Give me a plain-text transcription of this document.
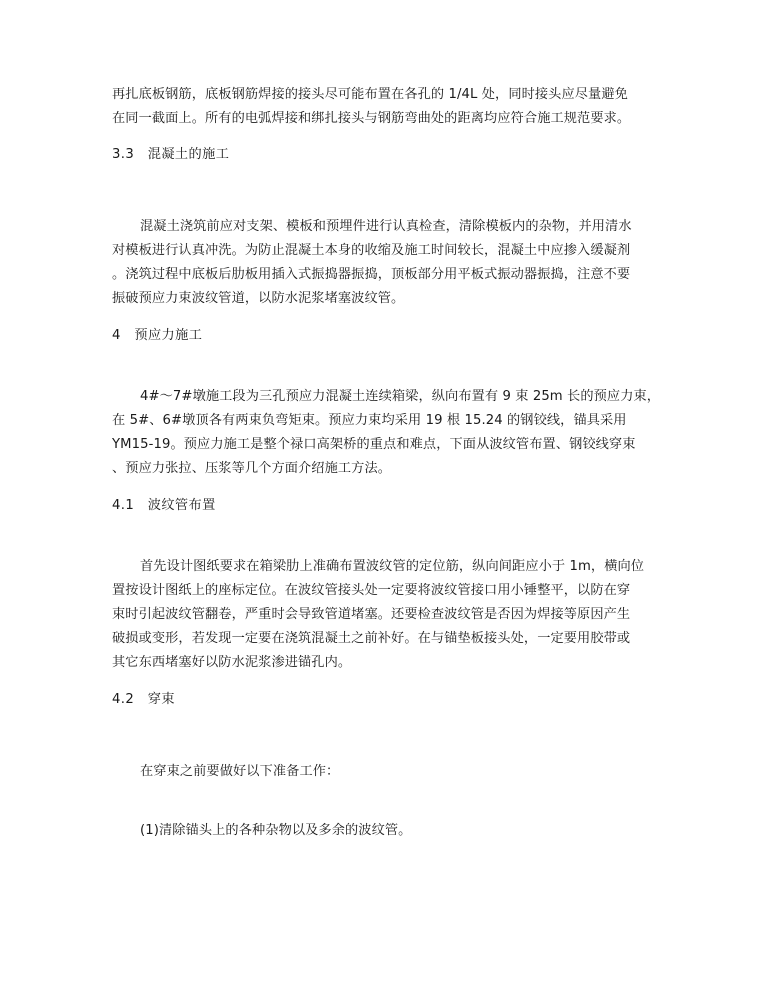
再扎底板钢筋，底板钢筋焊接的接头尽可能布置在各孔的 1/4L 处，同时接头应尽量避免
在同一截面上。所有的电弧焊接和绑扎接头与钢筋弯曲处的距离均应符合施工规范要求。
3.3　混凝土的施工
混凝土浇筑前应对支架、模板和预埋件进行认真检查，清除模板内的杂物，并用清水
对模板进行认真冲洗。为防止混凝土本身的收缩及施工时间较长，混凝土中应掺入缓凝剂
。浇筑过程中底板后肋板用插入式振捣器振捣，顶板部分用平板式振动器振捣，注意不要
振破预应力束波纹管道，以防水泥浆堵塞波纹管。
4　预应力施工
4#～7#墩施工段为三孔预应力混凝土连续箱梁，纵向布置有 9 束 25m 长的预应力束，
在 5#、6#墩顶各有两束负弯矩束。预应力束均采用 19 根 15.24 的钢铰线，锚具采用
YM15-19。预应力施工是整个禄口高架桥的重点和难点，下面从波纹管布置、钢铰线穿束
、预应力张拉、压浆等几个方面介绍施工方法。
4.1　波纹管布置
首先设计图纸要求在箱梁肋上准确布置波纹管的定位筋，纵向间距应小于 1m，横向位
置按设计图纸上的座标定位。在波纹管接头处一定要将波纹管接口用小锤整平，以防在穿
束时引起波纹管翻卷，严重时会导致管道堵塞。还要检查波纹管是否因为焊接等原因产生
破损或变形，若发现一定要在浇筑混凝土之前补好。在与锚垫板接头处，一定要用胶带或
其它东西堵塞好以防水泥浆渗进锚孔内。
4.2　穿束
在穿束之前要做好以下准备工作：
(1)清除锚头上的各种杂物以及多余的波纹管。
